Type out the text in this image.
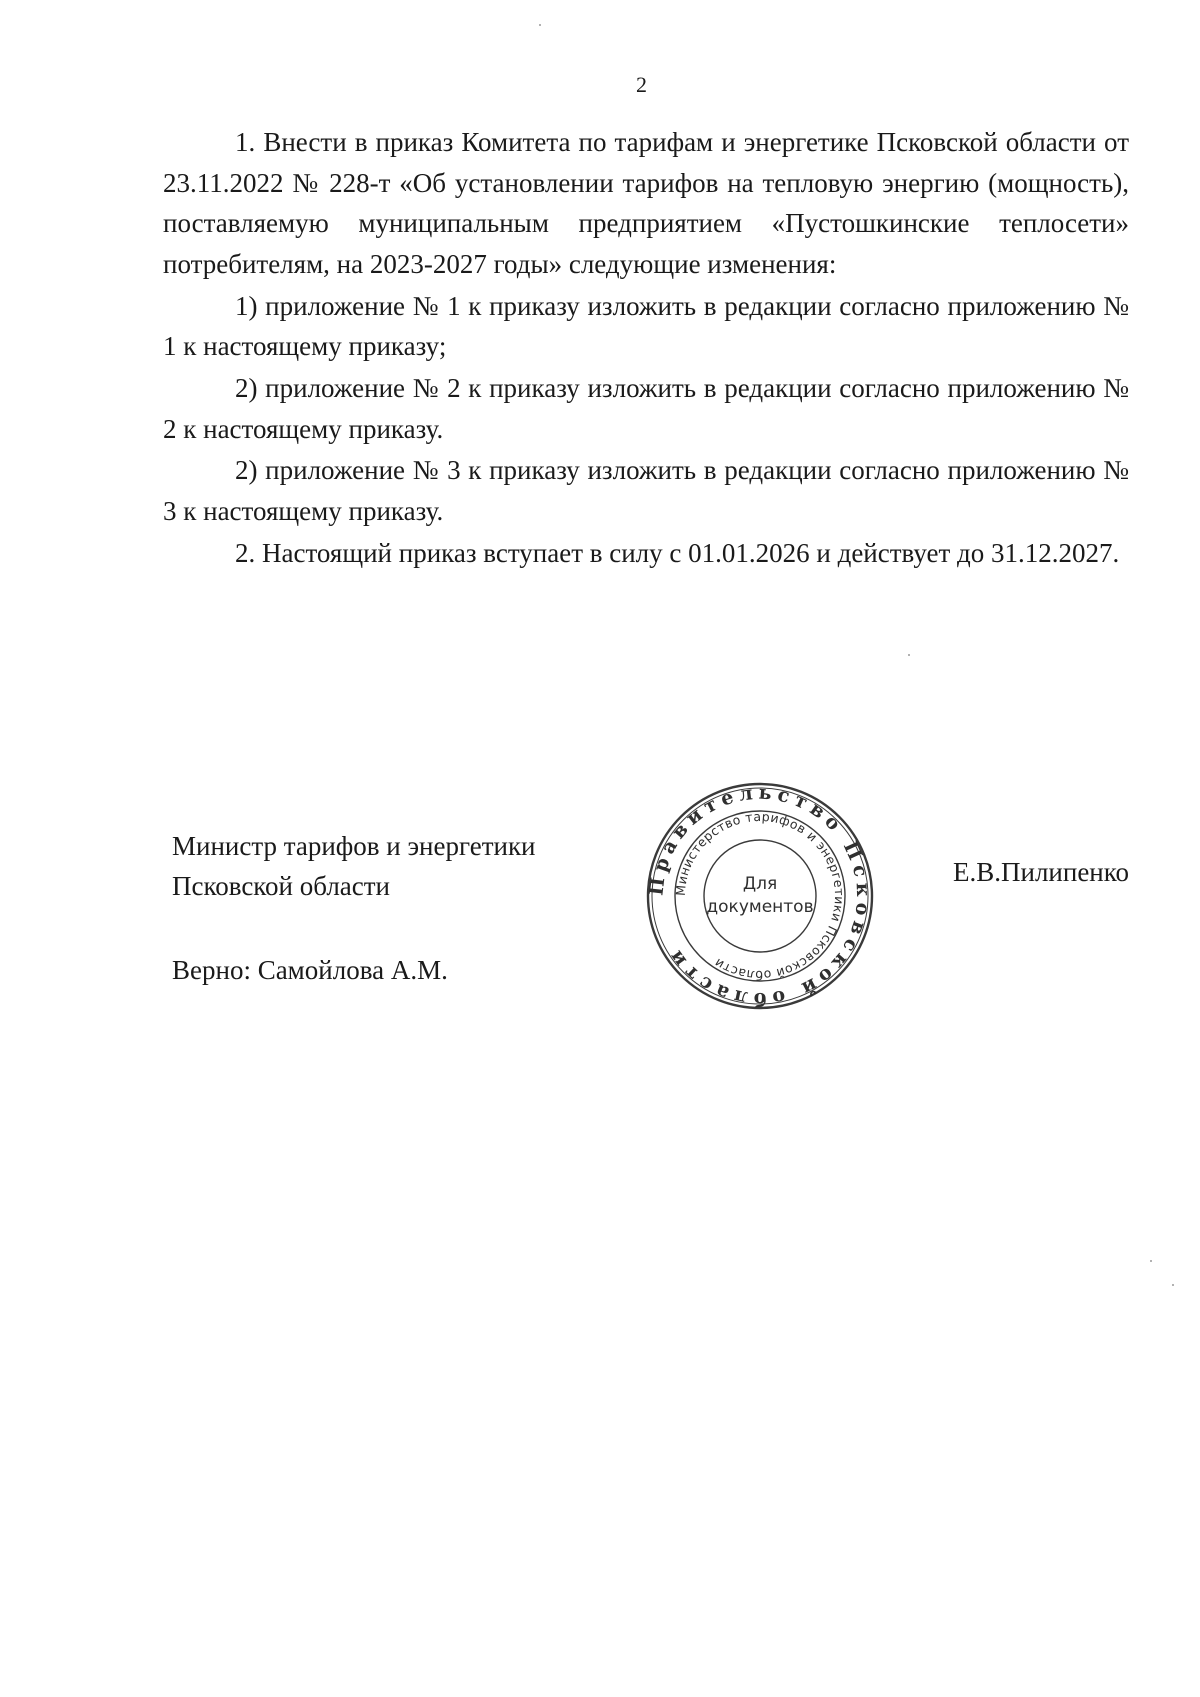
2

1. Внести в приказ Комитета по тарифам и энергетике Псковской области от 23.11.2022 № 228-т «Об установлении тарифов на тепловую энергию (мощность), поставляемую муниципальным предприятием «Пустошкинские теплосети» потребителям, на 2023-2027 годы» следующие изменения:

1) приложение № 1 к приказу изложить в редакции согласно приложению № 1 к настоящему приказу;

2) приложение № 2 к приказу изложить в редакции согласно приложению № 2 к настоящему приказу.

2) приложение № 3 к приказу изложить в редакции согласно приложению № 3 к настоящему приказу.

2. Настоящий приказ вступает в силу с 01.01.2026 и действует до 31.12.2027.

Министр тарифов и энергетики
Псковской области
Верно: Самойлова А.М.
Е.В.Пилипенко
Правительство Псковской области
Министерство тарифов и энергетики Псковской области
Для
документов
